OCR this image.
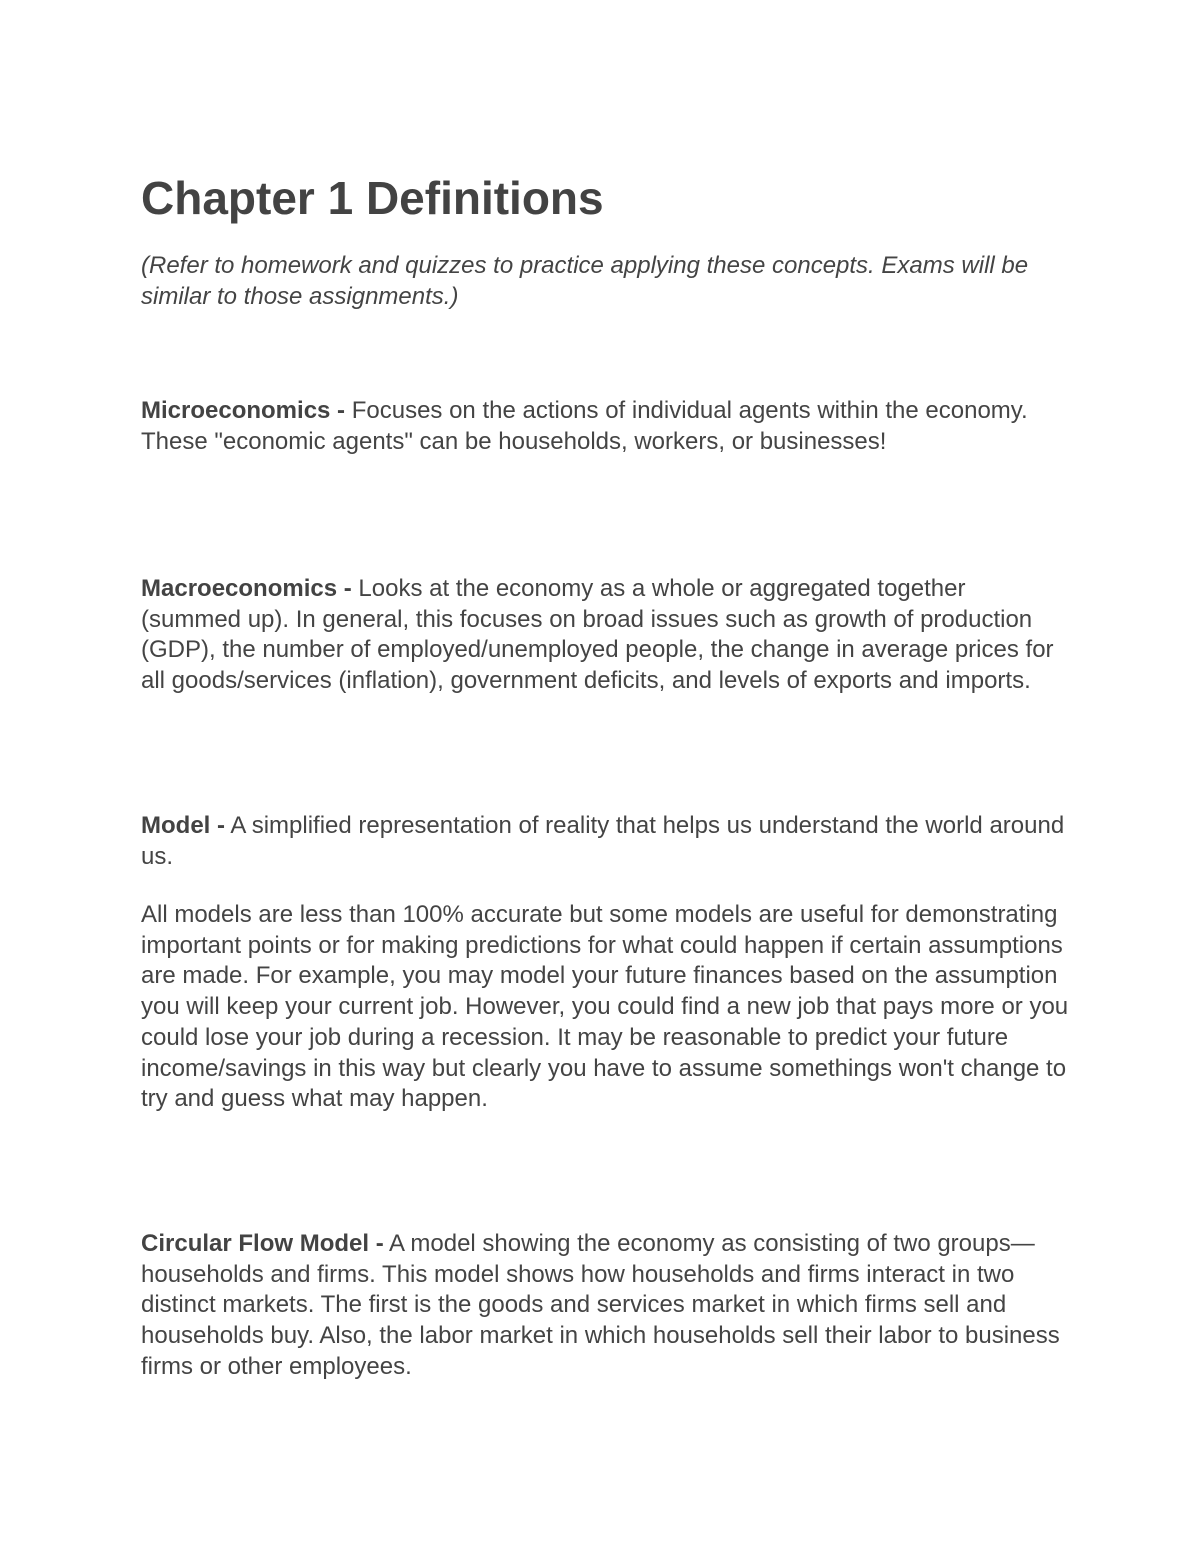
Chapter 1 Definitions

(Refer to homework and quizzes to practice applying these concepts. Exams will be similar to those assignments.)

Microeconomics - Focuses on the actions of individual agents within the economy. These "economic agents" can be households, workers, or businesses!

Macroeconomics - Looks at the economy as a whole or aggregated together (summed up). In general, this focuses on broad issues such as growth of production (GDP), the number of employed/unemployed people, the change in average prices for all goods/services (inflation), government deficits, and levels of exports and imports.

Model - A simplified representation of reality that helps us understand the world around us.

All models are less than 100% accurate but some models are useful for demonstrating important points or for making predictions for what could happen if certain assumptions are made. For example, you may model your future finances based on the assumption you will keep your current job. However, you could find a new job that pays more or you could lose your job during a recession. It may be reasonable to predict your future income/savings in this way but clearly you have to assume somethings won't change to try and guess what may happen.

Circular Flow Model - A model showing the economy as consisting of two groups—households and firms. This model shows how households and firms interact in two distinct markets. The first is the goods and services market in which firms sell and households buy. Also, the labor market in which households sell their labor to business firms or other employees.
